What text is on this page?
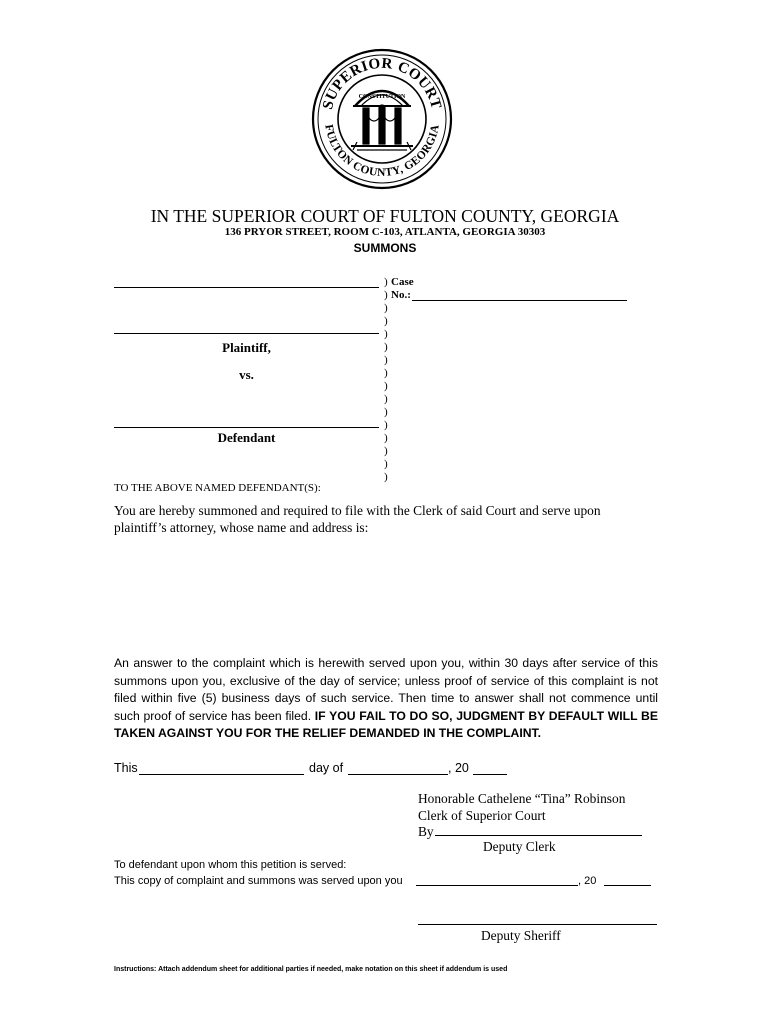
SUPERIOR COURT
FULTON COUNTY, GEORGIA
CONSTITUTION
IN THE SUPERIOR COURT OF FULTON COUNTY, GEORGIA
136 PRYOR STREET, ROOM C-103, ATLANTA, GEORGIA 30303
SUMMONS
Plaintiff,
vs.
Defendant
)
)
)
)
)
)
)
)
)
)
)
)
)
)
)
)
Case
No.:
TO THE ABOVE NAMED DEFENDANT(S):
You are hereby summoned and required to file with the Clerk of said Court and serve upon plaintiff’s attorney, whose name and address is:
An answer to the complaint which is herewith served upon you, within 30 days after service of this summons upon you, exclusive of the day of service; unless proof of service of this complaint is not filed within five (5) business days of such service. Then time to answer shall not commence until such proof of service has been filed. IF YOU FAIL TO DO SO, JUDGMENT BY DEFAULT WILL BE TAKEN AGAINST YOU FOR THE RELIEF DEMANDED IN THE COMPLAINT.
This	day of	, 20
Honorable Cathelene “Tina” Robinson
Clerk of Superior Court
By
Deputy Clerk
To defendant upon whom this petition is served:
This copy of complaint and summons was served upon you	, 20
Deputy Sheriff
Instructions: Attach addendum sheet for additional parties if needed, make notation on this sheet if addendum is used
